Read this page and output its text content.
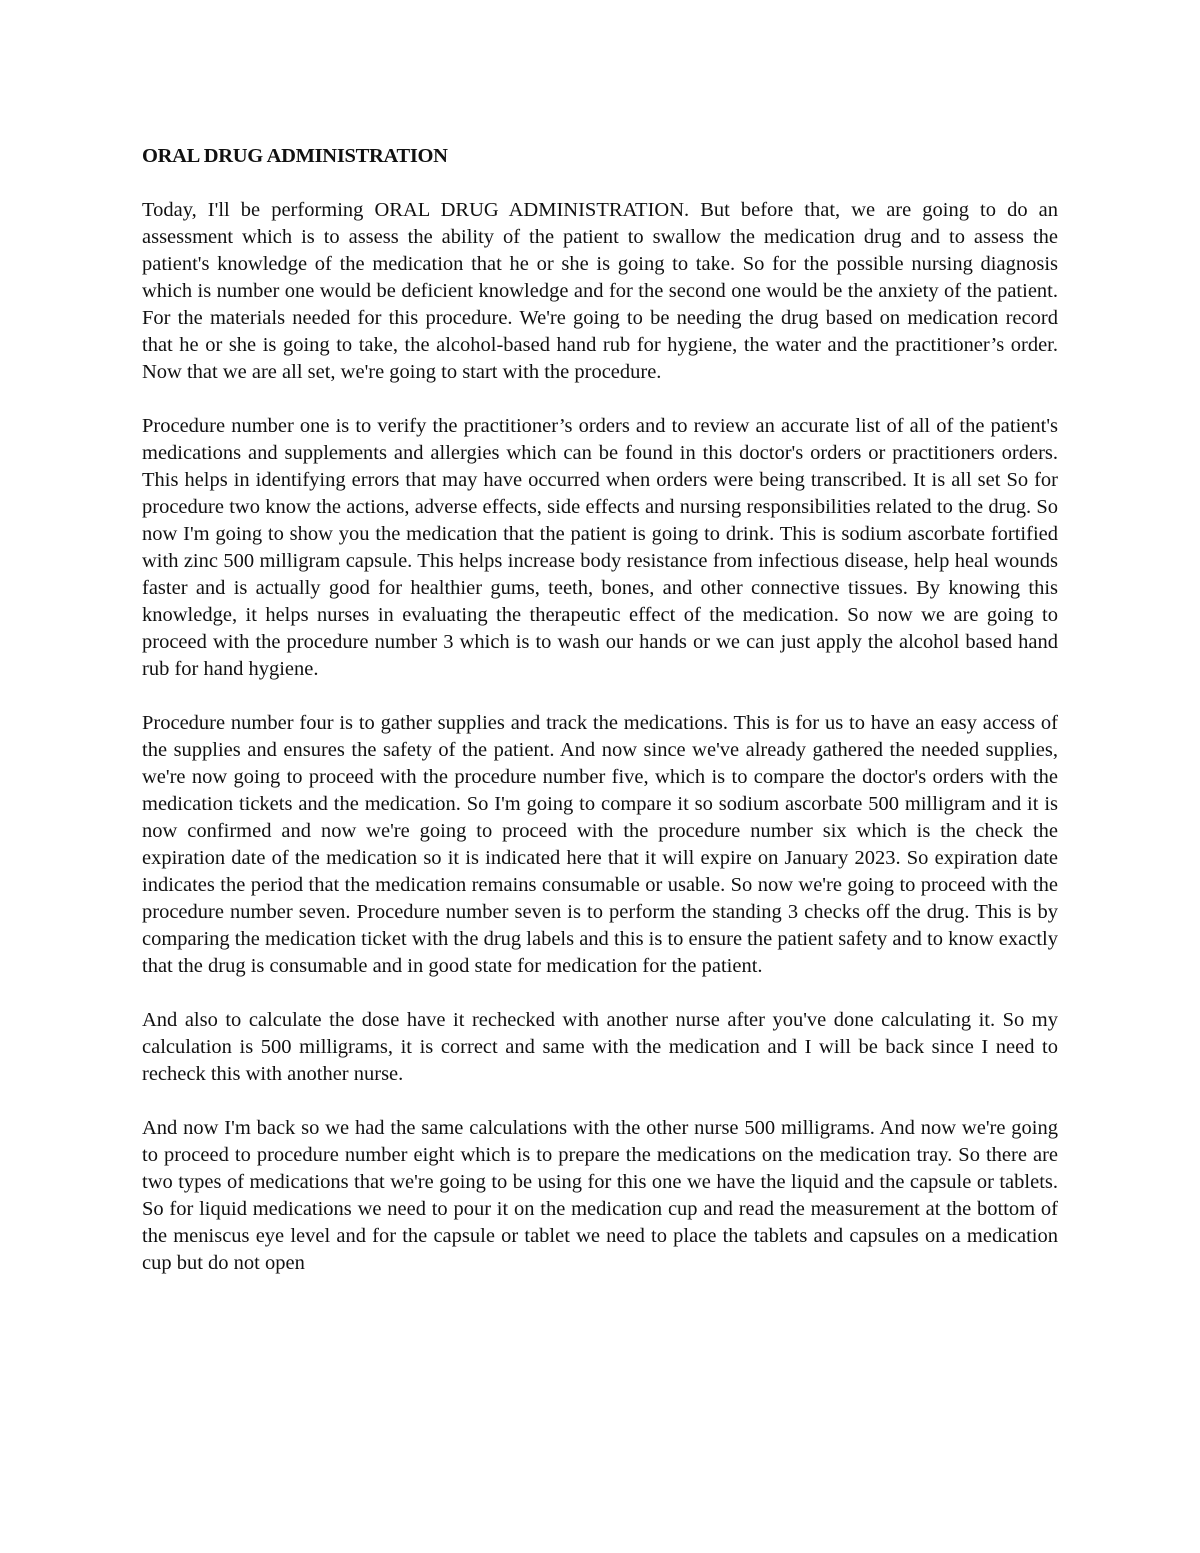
ORAL DRUG ADMINISTRATION

Today, I'll be performing ORAL DRUG ADMINISTRATION. But before that, we are going to do an assessment which is to assess the ability of the patient to swallow the medication drug and to assess the patient's knowledge of the medication that he or she is going to take. So for the possible nursing diagnosis which is number one would be deficient knowledge and for the second one would be the anxiety of the patient. For the materials needed for this procedure. We're going to be needing the drug based on medication record that he or she is going to take, the alcohol-based hand rub for hygiene, the water and the practitioner’s order. Now that we are all set, we're going to start with the procedure.

Procedure number one is to verify the practitioner’s orders and to review an accurate list of all of the patient's medications and supplements and allergies which can be found in this doctor's orders or practitioners orders. This helps in identifying errors that may have occurred when orders were being transcribed. It is all set So for procedure two know the actions, adverse effects, side effects and nursing responsibilities related to the drug. So now I'm going to show you the medication that the patient is going to drink. This is sodium ascorbate fortified with zinc 500 milligram capsule. This helps increase body resistance from infectious disease, help heal wounds faster and is actually good for healthier gums, teeth, bones, and other connective tissues. By knowing this knowledge, it helps nurses in evaluating the therapeutic effect of the medication. So now we are going to proceed with the procedure number 3 which is to wash our hands or we can just apply the alcohol based hand rub for hand hygiene.

Procedure number four is to gather supplies and track the medications. This is for us to have an easy access of the supplies and ensures the safety of the patient. And now since we've already gathered the needed supplies, we're now going to proceed with the procedure number five, which is to compare the doctor's orders with the medication tickets and the medication. So I'm going to compare it so sodium ascorbate 500 milligram and it is now confirmed and now we're going to proceed with the procedure number six which is the check the expiration date of the medication so it is indicated here that it will expire on January 2023. So expiration date indicates the period that the medication remains consumable or usable. So now we're going to proceed with the procedure number seven. Procedure number seven is to perform the standing 3 checks off the drug. This is by comparing the medication ticket with the drug labels and this is to ensure the patient safety and to know exactly that the drug is consumable and in good state for medication for the patient.

And also to calculate the dose have it rechecked with another nurse after you've done calculating it. So my calculation is 500 milligrams, it is correct and same with the medication and I will be back since I need to recheck this with another nurse.

And now I'm back so we had the same calculations with the other nurse 500 milligrams. And now we're going to proceed to procedure number eight which is to prepare the medications on the medication tray. So there are two types of medications that we're going to be using for this one we have the liquid and the capsule or tablets. So for liquid medications we need to pour it on the medication cup and read the measurement at the bottom of the meniscus eye level and for the capsule or tablet we need to place the tablets and capsules on a medication cup but do not open
